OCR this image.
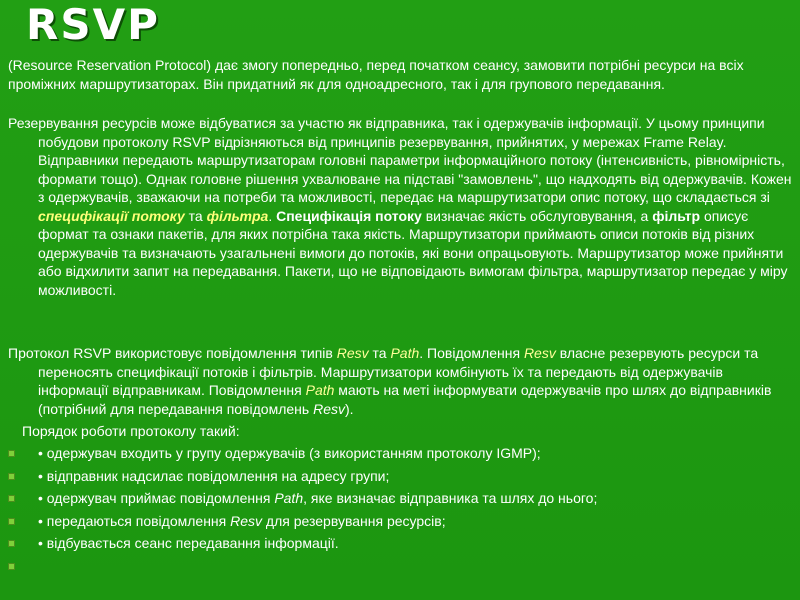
RSVP

(Resource Reservation Protocol) дає змогу попередньо, перед початком сеансу, замовити потрібні ресурси на всіх проміжних маршрутизаторах. Він придатний як для одноадресного, так і для групового передавання.

Резервування ресурсів може відбуватися за участю як відправника, так і одержувачів інформації. У цьому принципи побудови протоколу RSVP відрізняються від принципів резервування, прийнятих, у мережах Frame Relay. Відправники передають маршрутизаторам головні параметри інформаційного потоку (інтенсивність, рівномірність, формати тощо). Однак головне рішення ухвалюване на підставі "замовлень", що надходять від одержувачів. Кожен з одержувачів, зважаючи на потреби та можливості, передає на маршрутизатори опис потоку, що складається зі специфікації потоку та фільтра. Специфікація потоку визначає якість обслуговування, а фільтр описує формат та ознаки пакетів, для яких потрібна така якість. Маршрутизатори приймають описи потоків від різних одержувачів та визначають узагальнені вимоги до потоків, які вони опрацьовують. Маршрутизатор може прийняти або відхилити запит на передавання. Пакети, що не відповідають вимогам фільтра, маршрутизатор передає у міру можливості.

Протокол RSVP використовує повідомлення типів Resv та Path. Повідомлення Resv власне резервують ресурси та переносять специфікації потоків і фільтрів. Маршрутизатори комбінують їх та передають від одержувачів інформації відправникам. Повідомлення Path мають на меті інформувати одержувачів про шлях до відправників (потрібний для передавання повідомлень Resv).

Порядок роботи протоколу такий:

• одержувач входить у групу одержувачів (з використанням протоколу IGMP);
• відправник надсилає повідомлення на адресу групи;
• одержувач приймає повідомлення Path, яке визначає відправника та шлях до нього;
• передаються повідомлення Resv для резервування ресурсів;
• відбувається сеанс передавання інформації.
